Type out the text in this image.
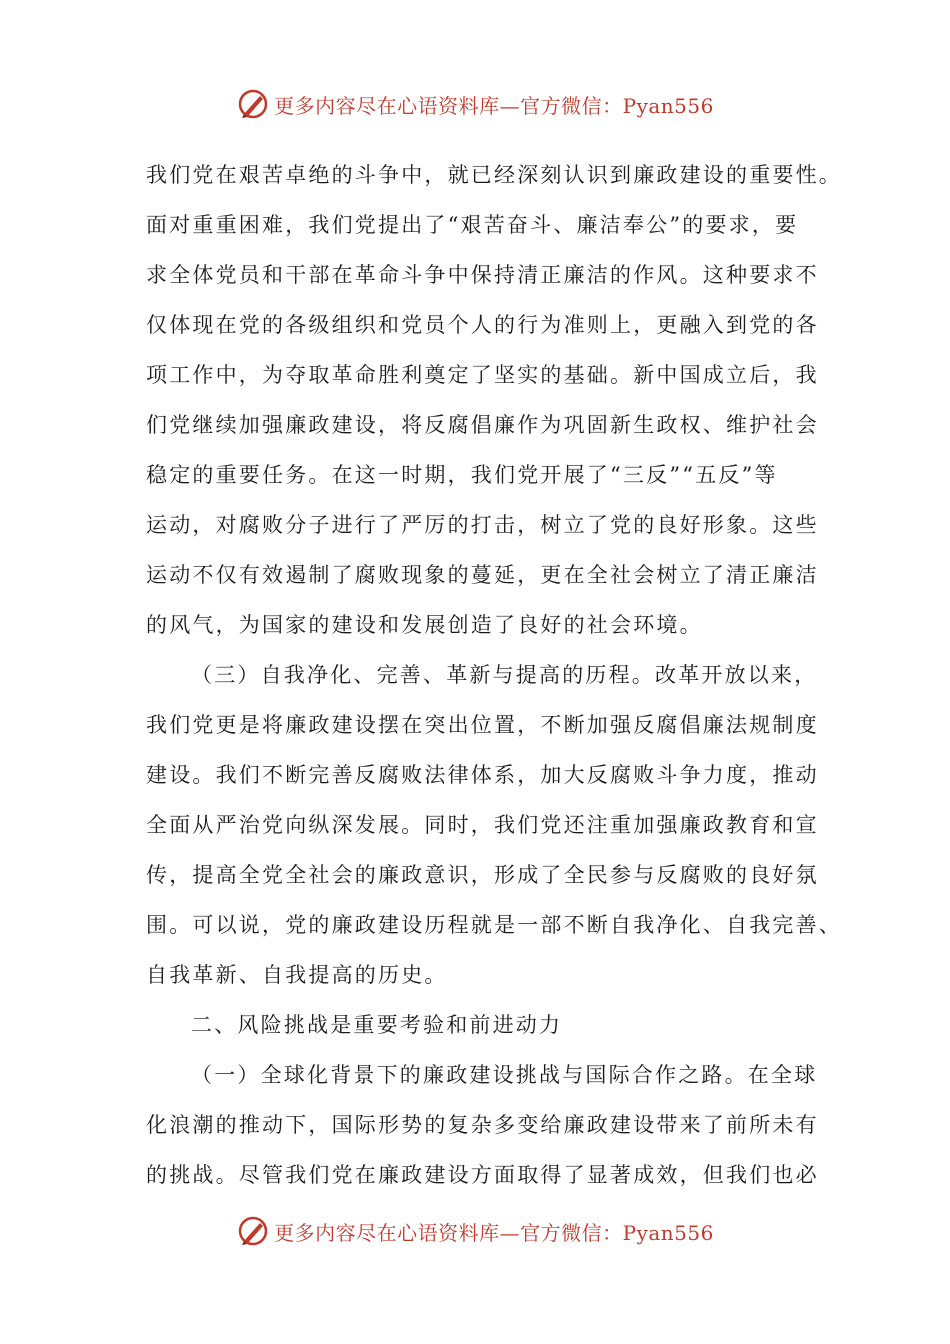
更多内容尽在心语资料库—官方微信：Pyan556
我们党在艰苦卓绝的斗争中，就已经深刻认识到廉政建设的重要性。
面对重重困难，我们党提出了“艰苦奋斗、廉洁奉公”的要求，要
求全体党员和干部在革命斗争中保持清正廉洁的作风。这种要求不
仅体现在党的各级组织和党员个人的行为准则上，更融入到党的各
项工作中，为夺取革命胜利奠定了坚实的基础。新中国成立后，我
们党继续加强廉政建设，将反腐倡廉作为巩固新生政权、维护社会
稳定的重要任务。在这一时期，我们党开展了“三反”“五反”等
运动，对腐败分子进行了严厉的打击，树立了党的良好形象。这些
运动不仅有效遏制了腐败现象的蔓延，更在全社会树立了清正廉洁
的风气，为国家的建设和发展创造了良好的社会环境。
（三）自我净化、完善、革新与提高的历程。改革开放以来，
我们党更是将廉政建设摆在突出位置，不断加强反腐倡廉法规制度
建设。我们不断完善反腐败法律体系，加大反腐败斗争力度，推动
全面从严治党向纵深发展。同时，我们党还注重加强廉政教育和宣
传，提高全党全社会的廉政意识，形成了全民参与反腐败的良好氛
围。可以说，党的廉政建设历程就是一部不断自我净化、自我完善、
自我革新、自我提高的历史。
二、风险挑战是重要考验和前进动力
（一）全球化背景下的廉政建设挑战与国际合作之路。在全球
化浪潮的推动下，国际形势的复杂多变给廉政建设带来了前所未有
的挑战。尽管我们党在廉政建设方面取得了显著成效，但我们也必
更多内容尽在心语资料库—官方微信：Pyan556
